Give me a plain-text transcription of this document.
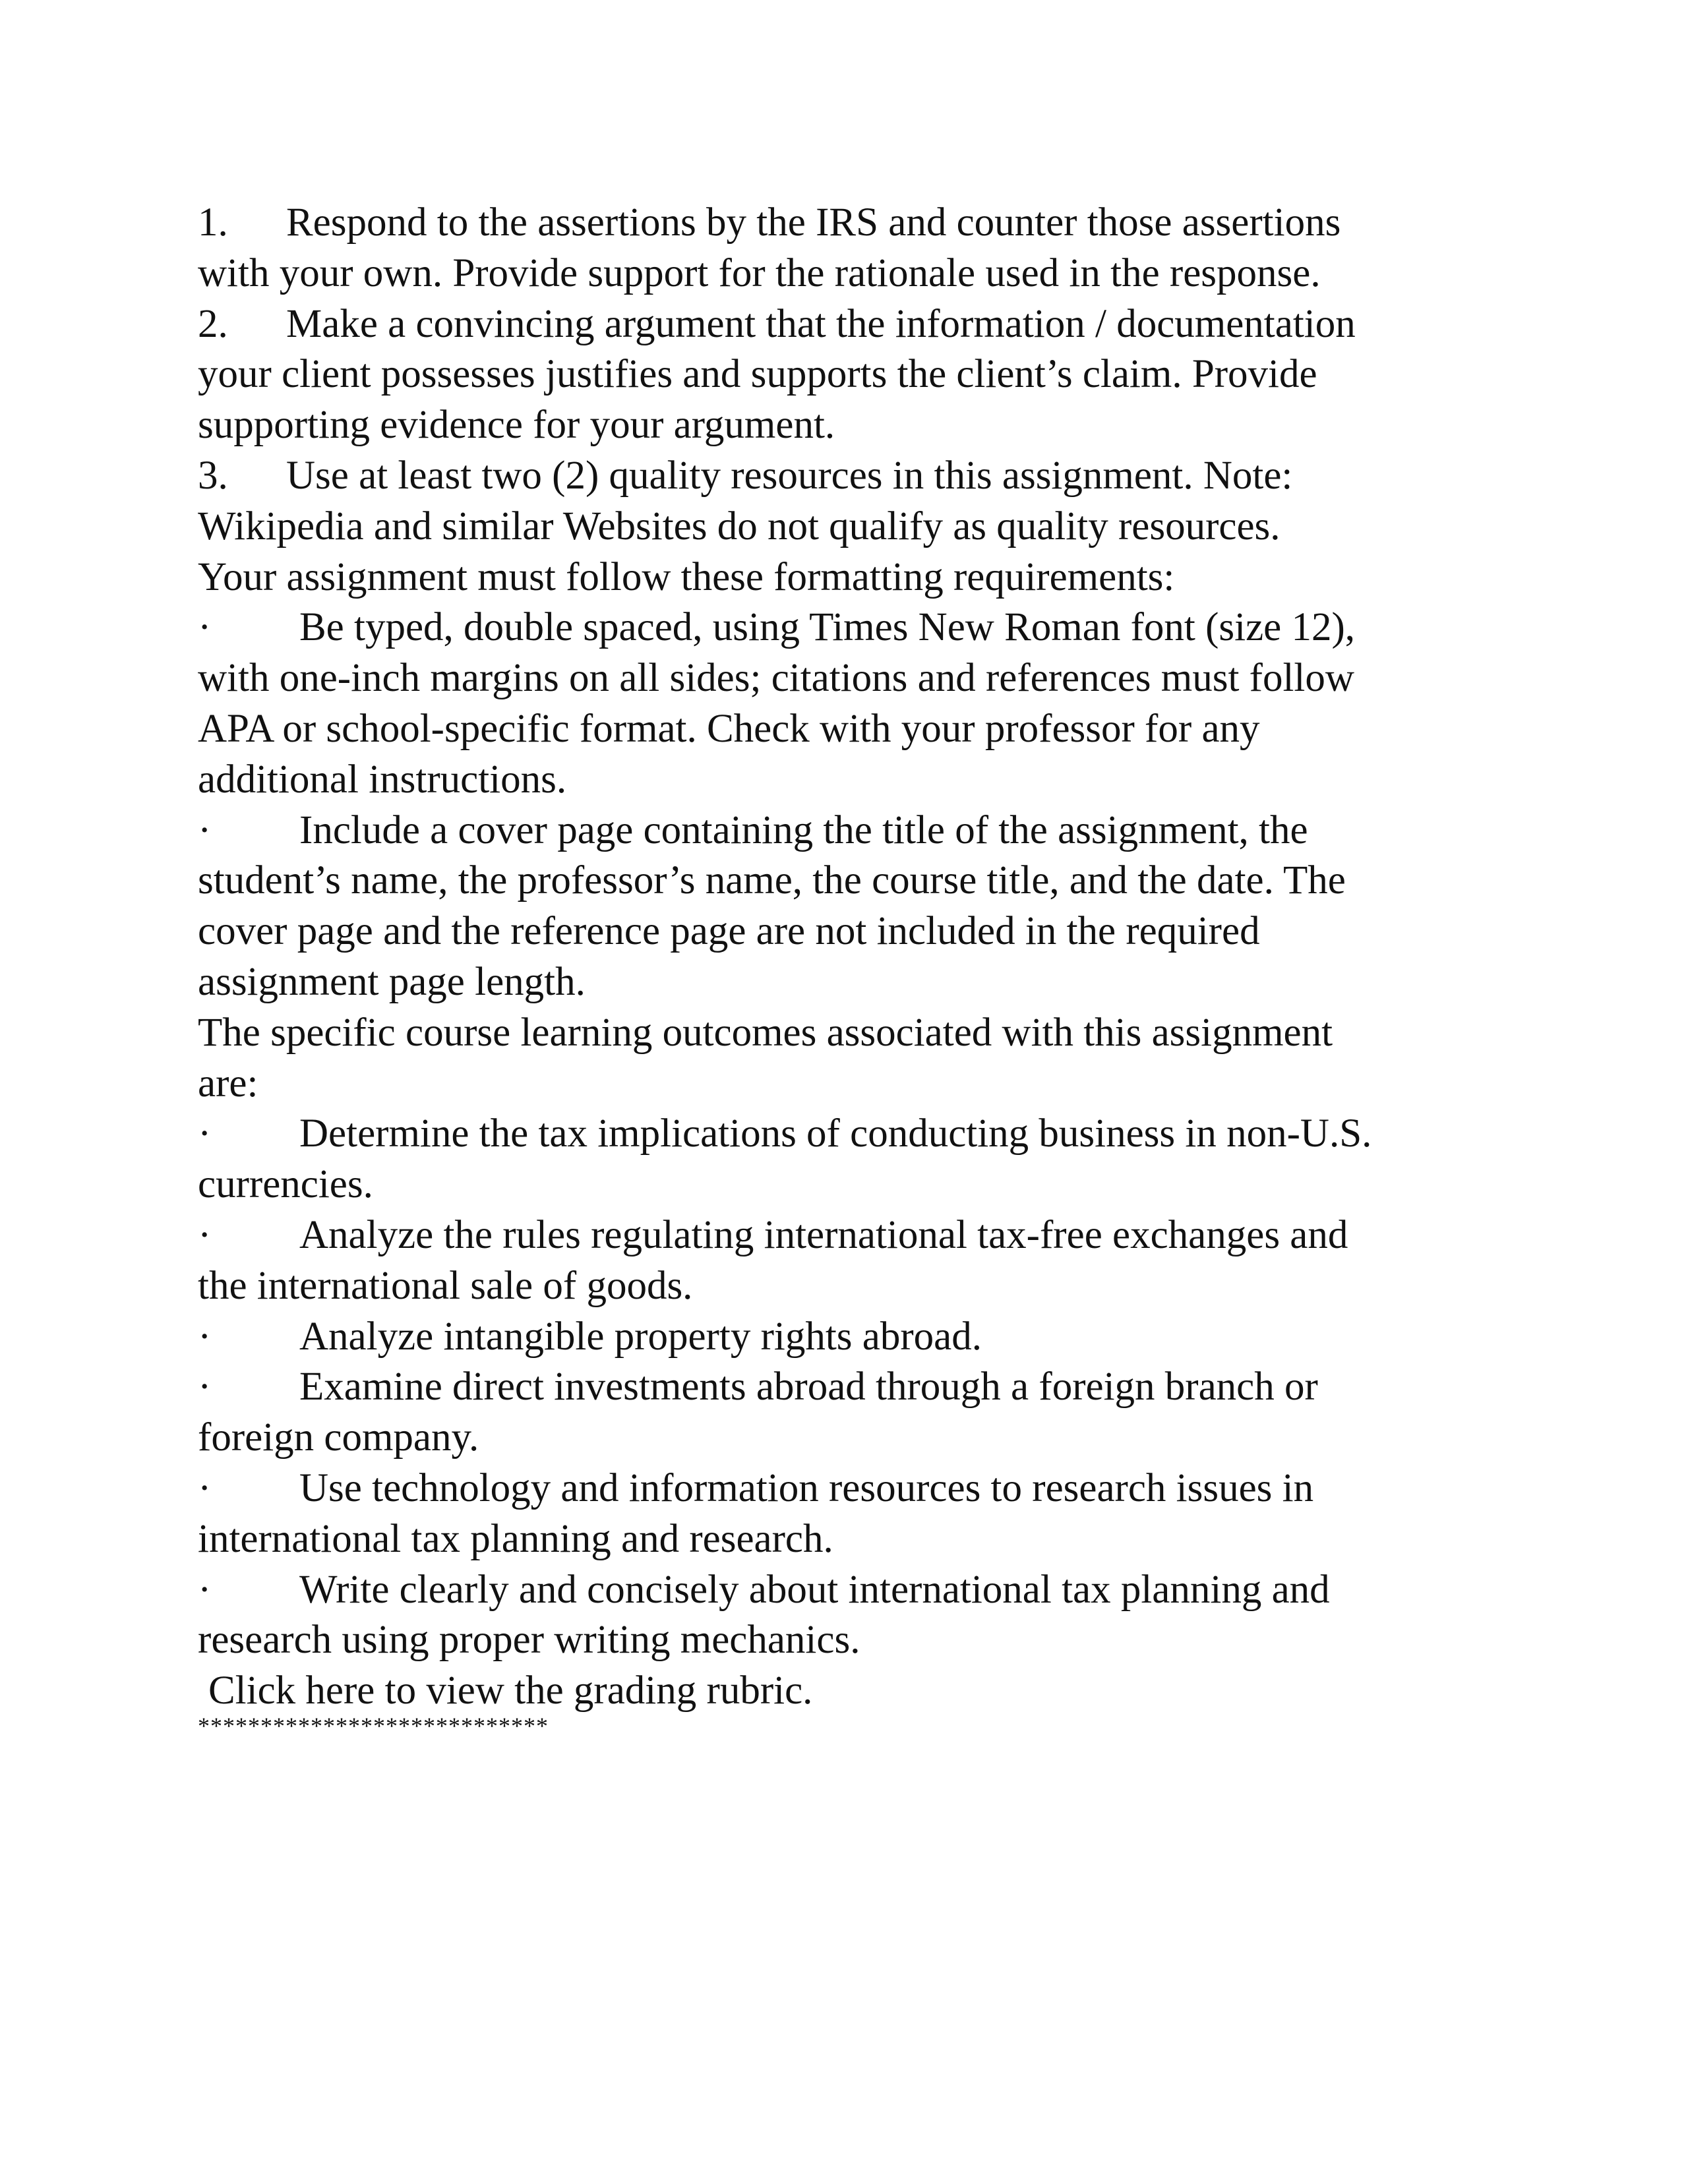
1. Respond to the assertions by the IRS and counter those assertions
with your own. Provide support for the rationale used in the response.
2. Make a convincing argument that the information / documentation
your client possesses justifies and supports the client’s claim. Provide
supporting evidence for your argument.
3. Use at least two (2) quality resources in this assignment. Note:
Wikipedia and similar Websites do not qualify as quality resources.
Your assignment must follow these formatting requirements:
· Be typed, double spaced, using Times New Roman font (size 12),
with one-inch margins on all sides; citations and references must follow
APA or school-specific format. Check with your professor for any
additional instructions.
· Include a cover page containing the title of the assignment, the
student’s name, the professor’s name, the course title, and the date. The
cover page and the reference page are not included in the required
assignment page length.
The specific course learning outcomes associated with this assignment
are:
· Determine the tax implications of conducting business in non-U.S.
currencies.
· Analyze the rules regulating international tax-free exchanges and
the international sale of goods.
· Analyze intangible property rights abroad.
· Examine direct investments abroad through a foreign branch or
foreign company.
· Use technology and information resources to research issues in
international tax planning and research.
· Write clearly and concisely about international tax planning and
research using proper writing mechanics.
Click here to view the grading rubric.
****************************
